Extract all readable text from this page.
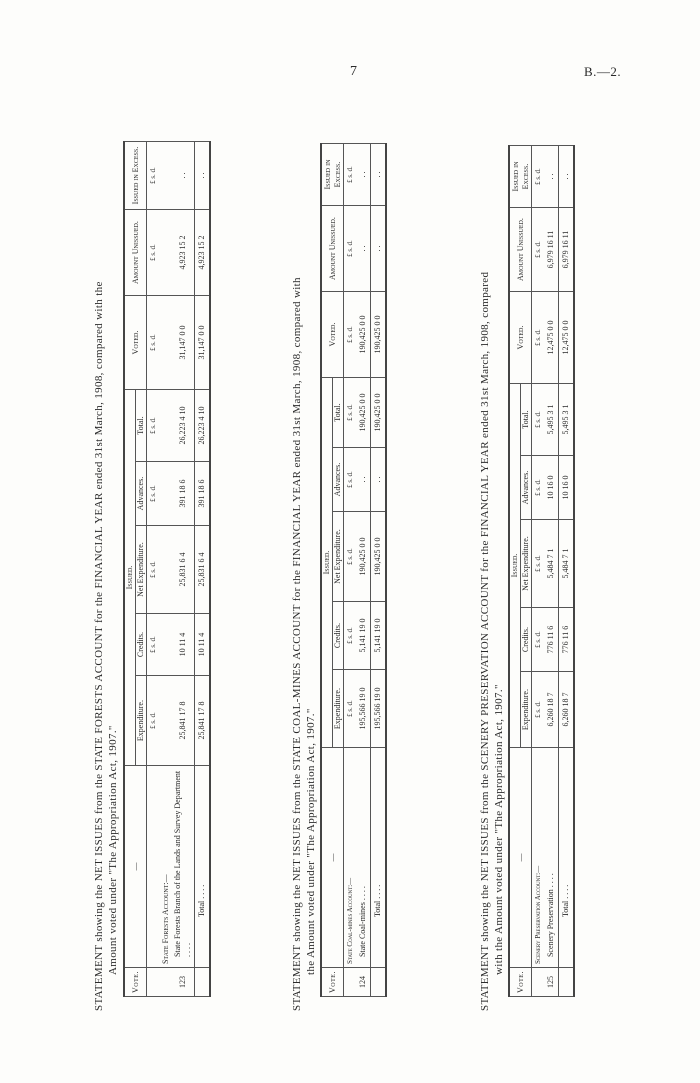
7	B.—2.
STATEMENT showing the NET ISSUES from the STATE FORESTS ACCOUNT for the FINANCIAL YEAR ended 31st March, 1908, compared with the Amount voted under "The Appropriation Act, 1907."
Vote.	—	Issued.					Voted.	Amount Unissued.	Issued in Excess.
		Expenditure.	Credits.	Net Expenditure.	Advances.	Total.			
		£ s. d.	£ s. d.	£ s. d.	£ s. d.	£ s. d.	£ s. d.	£ s. d.	£ s. d.
	State Forests Account:—								
123	State Forests Branch of the Lands and Survey Department . . . .	25,841 17 8	10 11 4	25,831 6 4	391 18 6	26,223 4 10	31,147 0 0	4,923 15 2	. .
	Total . . . .	25,841 17 8	10 11 4	25,831 6 4	391 18 6	26,223 4 10	31,147 0 0	4,923 15 2	. .
STATEMENT showing the NET ISSUES from the STATE COAL-MINES ACCOUNT for the FINANCIAL YEAR ended 31st March, 1908, compared with the Amount voted under "The Appropriation Act, 1907."
Vote.	—	Issued.					Voted.	Amount Unissued.	Issued in Excess.
		Expenditure.	Credits.	Net Expenditure.	Advances.	Total.			
	State Coal-mines Account:—	£ s. d.	£ s. d.	£ s. d.	£ s. d.	£ s. d.	£ s. d.	£ s. d.	£ s. d.
124	State Coal-mines . . . .	195,566 19 0	5,141 19 0	190,425 0 0	. .	190,425 0 0	190,425 0 0	. .	. .
	Total . . . .	195,566 19 0	5,141 19 0	190,425 0 0	. .	190,425 0 0	190,425 0 0	. .	. .
STATEMENT showing the NET ISSUES from the SCENERY PRESERVATION ACCOUNT for the FINANCIAL YEAR ended 31st March, 1908, compared with the Amount voted under "The Appropriation Act, 1907."
Vote.	—	Issued.					Voted.	Amount Unissued.	Issued in Excess.
		Expenditure.	Credits.	Net Expenditure.	Advances.	Total.			
	Scenery Preservation Account:—	£ s. d.	£ s. d.	£ s. d.	£ s. d.	£ s. d.	£ s. d.	£ s. d.	£ s. d.
125	Scenery Preservation . . . .	6,260 18 7	776 11 6	5,484 7 1	10 16 0	5,495 3 1	12,475 0 0	6,979 16 11	. .
	Total . . . .	6,260 18 7	776 11 6	5,484 7 1	10 16 0	5,495 3 1	12,475 0 0	6,979 16 11	. .
